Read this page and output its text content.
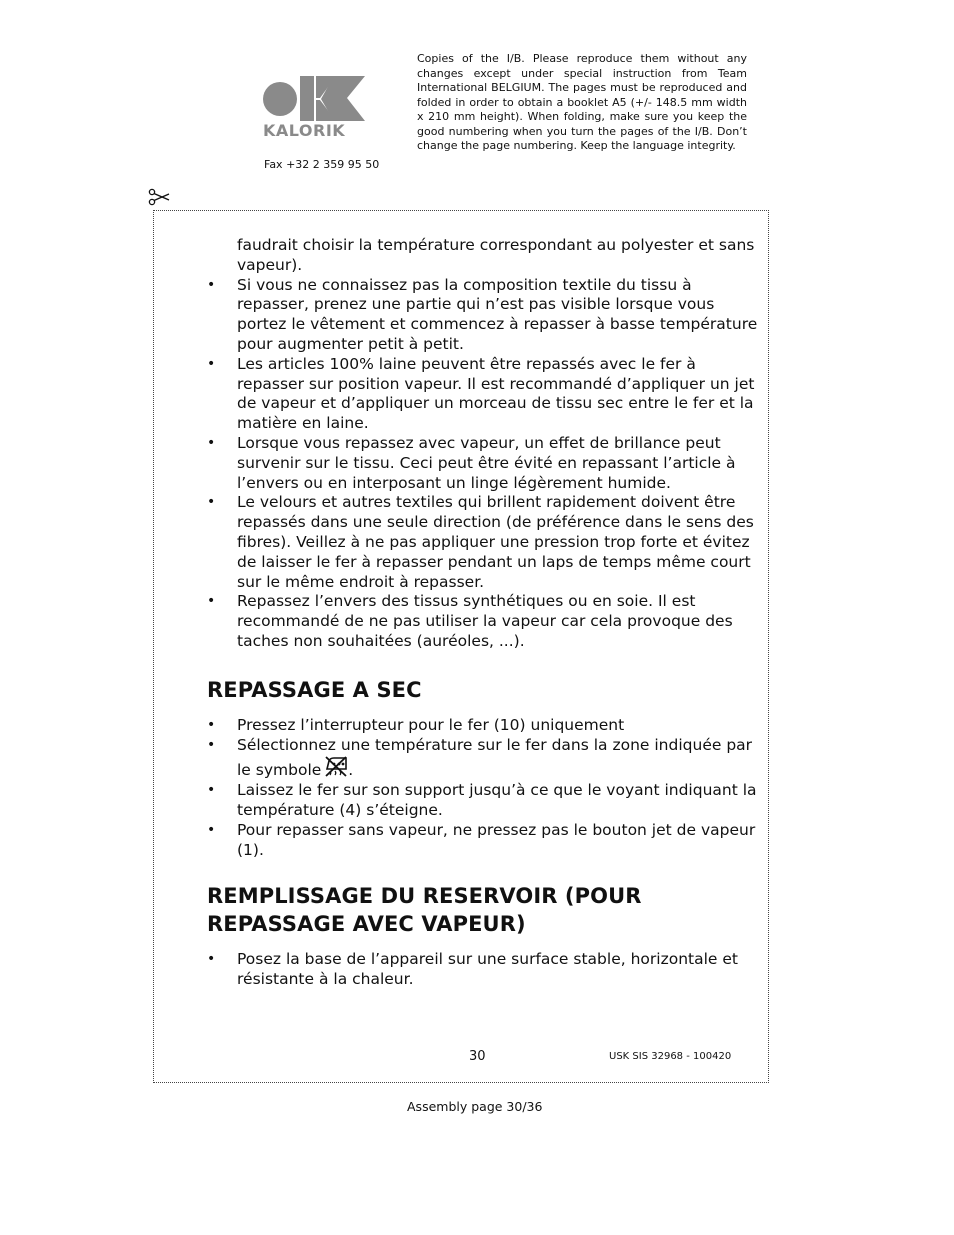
KALORIK
Fax +32 2 359 95 50
Copies of the I/B. Please reproduce them without any changes except under special instruction from Team International BELGIUM. The pages must be reproduced and folded in order to obtain a booklet A5 (+/- 148.5 mm width x 210 mm height). When folding, make sure you keep the good numbering when you turn the pages of the I/B. Don’t change the page numbering. Keep the language integrity.

faudrait choisir la température correspondant au polyester et sans vapeur).

•	Si vous ne connaissez pas la composition textile du tissu à repasser, prenez une partie qui n’est pas visible lorsque vous portez le vêtement et commencez à repasser à basse température pour augmenter petit à petit.
•	Les articles 100% laine peuvent être repassés avec le fer à repasser sur position vapeur. Il est recommandé d’appliquer un jet de vapeur et d’appliquer un morceau de tissu sec entre le fer et la matière en laine.
•	Lorsque vous repassez avec vapeur, un effet de brillance peut survenir sur le tissu. Ceci peut être évité en repassant l’article à l’envers ou en interposant un linge légèrement humide.
•	Le velours et autres textiles qui brillent rapidement doivent être repassés dans une seule direction (de préférence dans le sens des fibres). Veillez à ne pas appliquer une pression trop forte et évitez de laisser le fer à repasser pendant un laps de temps même court sur le même endroit à repasser.
•	Repassez l’envers des tissus synthétiques ou en soie. Il est recommandé de ne pas utiliser la vapeur car cela provoque des taches non souhaitées (auréoles, ...).
REPASSAGE A SEC
•	Pressez l’interrupteur pour le fer (10) uniquement
•	Sélectionnez une température sur le fer dans la zone indiquée par le symbole .
•	Laissez le fer sur son support jusqu’à ce que le voyant indiquant la température (4) s’éteigne.
•	Pour repasser sans vapeur, ne pressez pas le bouton jet de vapeur (1).
REMPLISSAGE DU RESERVOIR (POUR REPASSAGE AVEC VAPEUR)
•	Posez la base de l’appareil sur une surface stable, horizontale et résistante à la chaleur.
30	USK SIS 32968 - 100420
Assembly page 30/36
